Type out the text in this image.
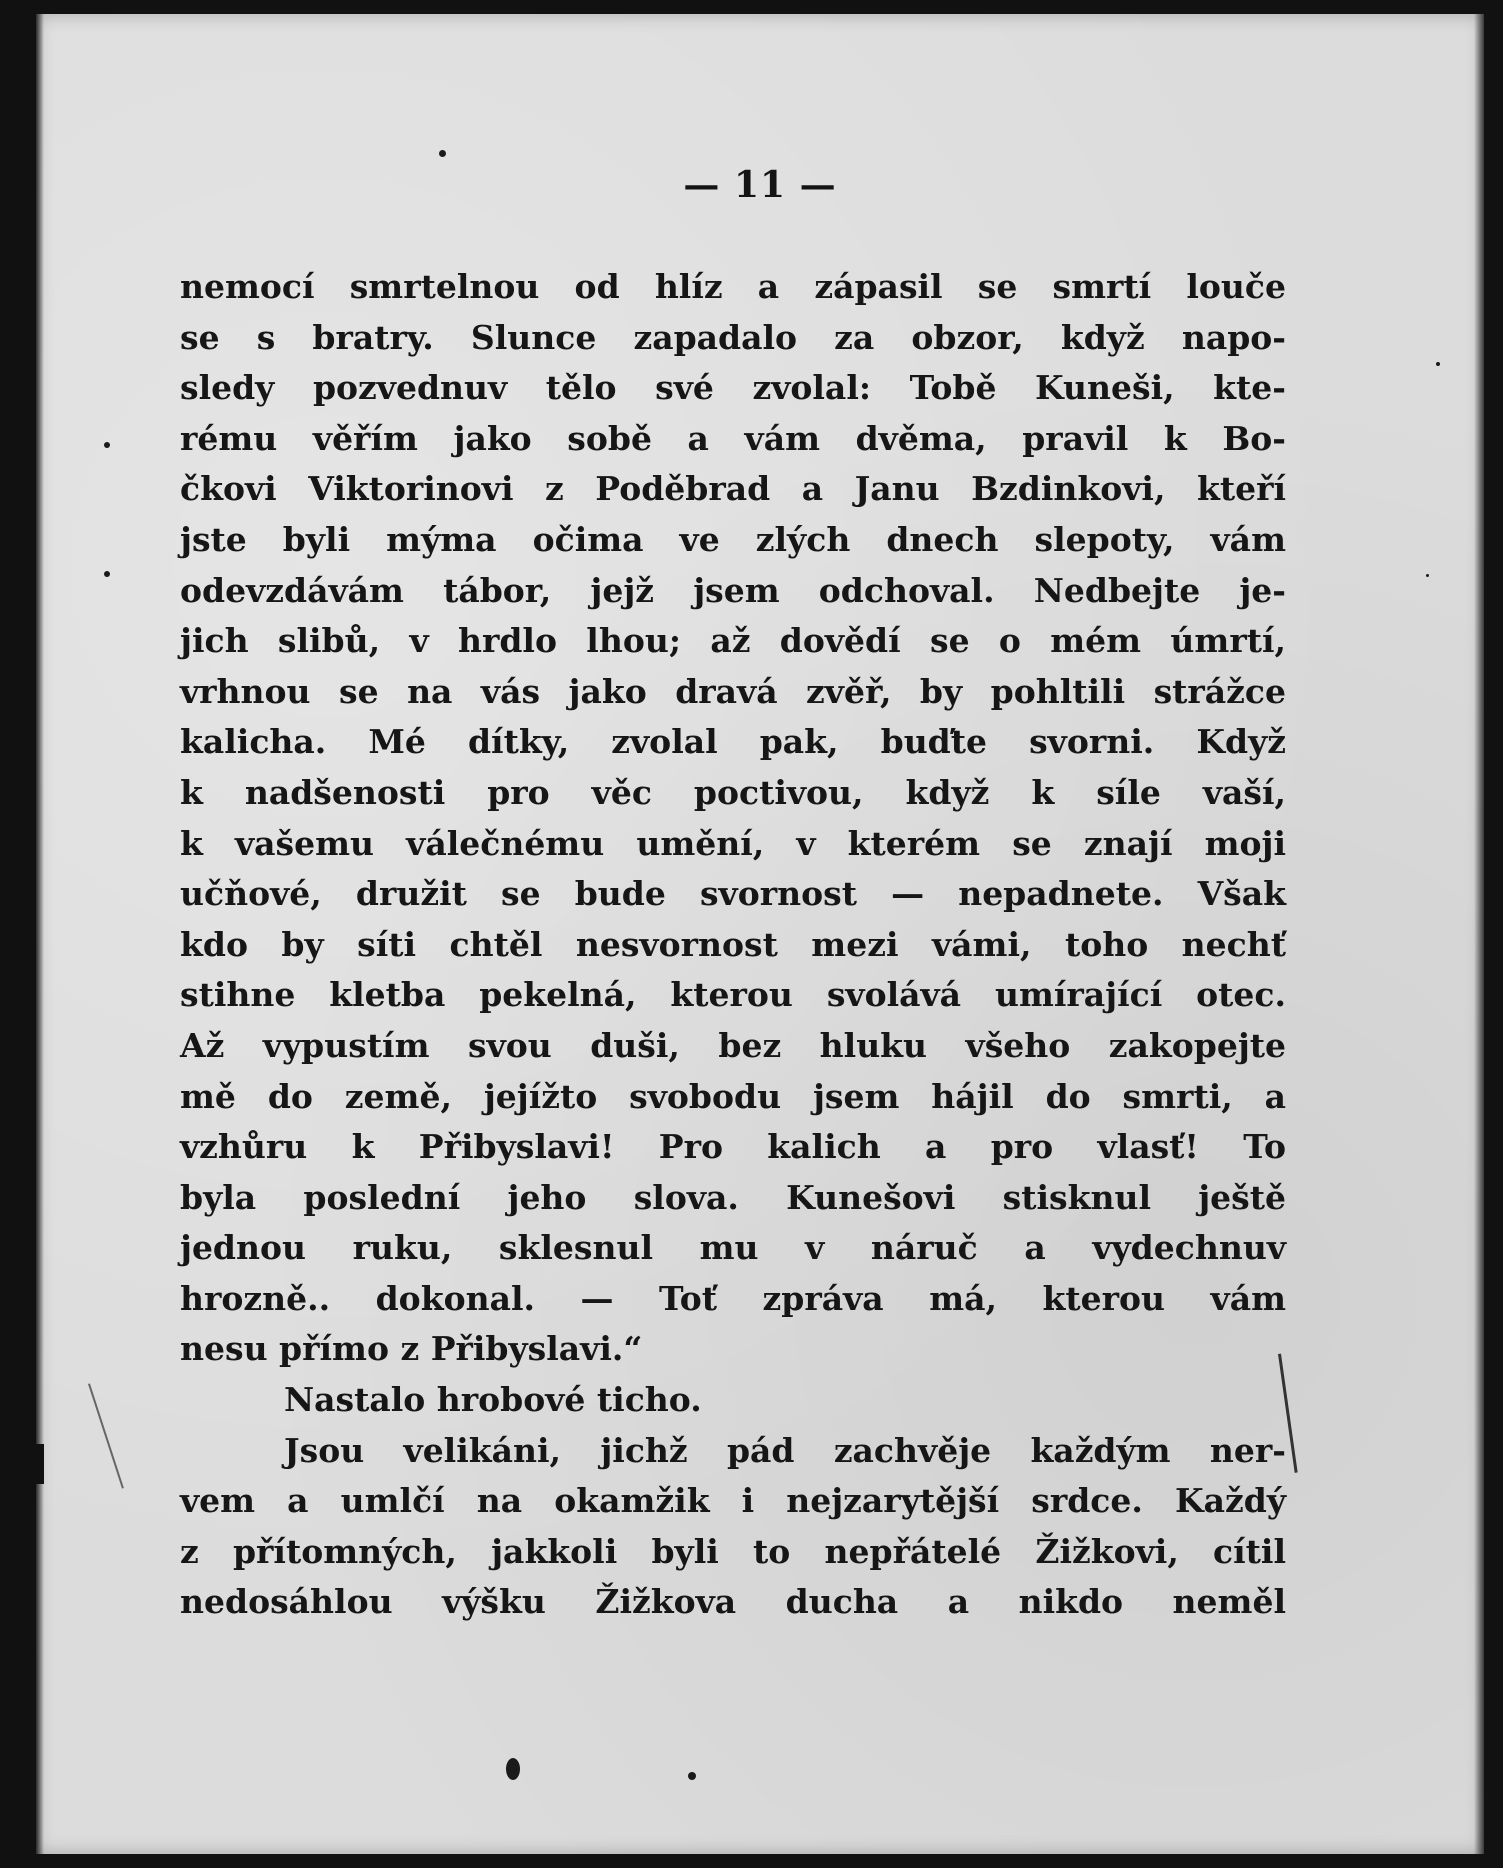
— 11 —
nemocí smrtelnou od hlíz a zápasil se smrtí louče
se s bratry. Slunce zapadalo za obzor, když napo-
sledy pozvednuv tělo své zvolal: Tobě Kuneši, kte-
rému věřím jako sobě a vám dvěma, pravil k Bo-
čkovi Viktorinovi z Poděbrad a Janu Bzdinkovi, kteří
jste byli mýma očima ve zlých dnech slepoty, vám
odevzdávám tábor, jejž jsem odchoval. Nedbejte je-
jich slibů, v hrdlo lhou; až dovědí se o mém úmrtí,
vrhnou se na vás jako dravá zvěř, by pohltili strážce
kalicha. Mé dítky, zvolal pak, buďte svorni. Když
k nadšenosti pro věc poctivou, když k síle vaší,
k vašemu válečnému umění, v kterém se znají moji
učňové, družit se bude svornost — nepadnete. Však
kdo by síti chtěl nesvornost mezi vámi, toho nechť
stihne kletba pekelná, kterou svolává umírající otec.
Až vypustím svou duši, bez hluku všeho zakopejte
mě do země, jejížto svobodu jsem hájil do smrti, a
vzhůru k Přibyslavi! Pro kalich a pro vlasť! To
byla poslední jeho slova. Kunešovi stisknul ještě
jednou ruku, sklesnul mu v náruč a vydechnuv
hrozně.. dokonal. — Toť zpráva má, kterou vám
nesu přímo z Přibyslavi.“
Nastalo hrobové ticho.
Jsou velikáni, jichž pád zachvěje každým ner-
vem a umlčí na okamžik i nejzarytější srdce. Každý
z přítomných, jakkoli byli to nepřátelé Žižkovi, cítil
nedosáhlou výšku Žižkova ducha a nikdo neměl
